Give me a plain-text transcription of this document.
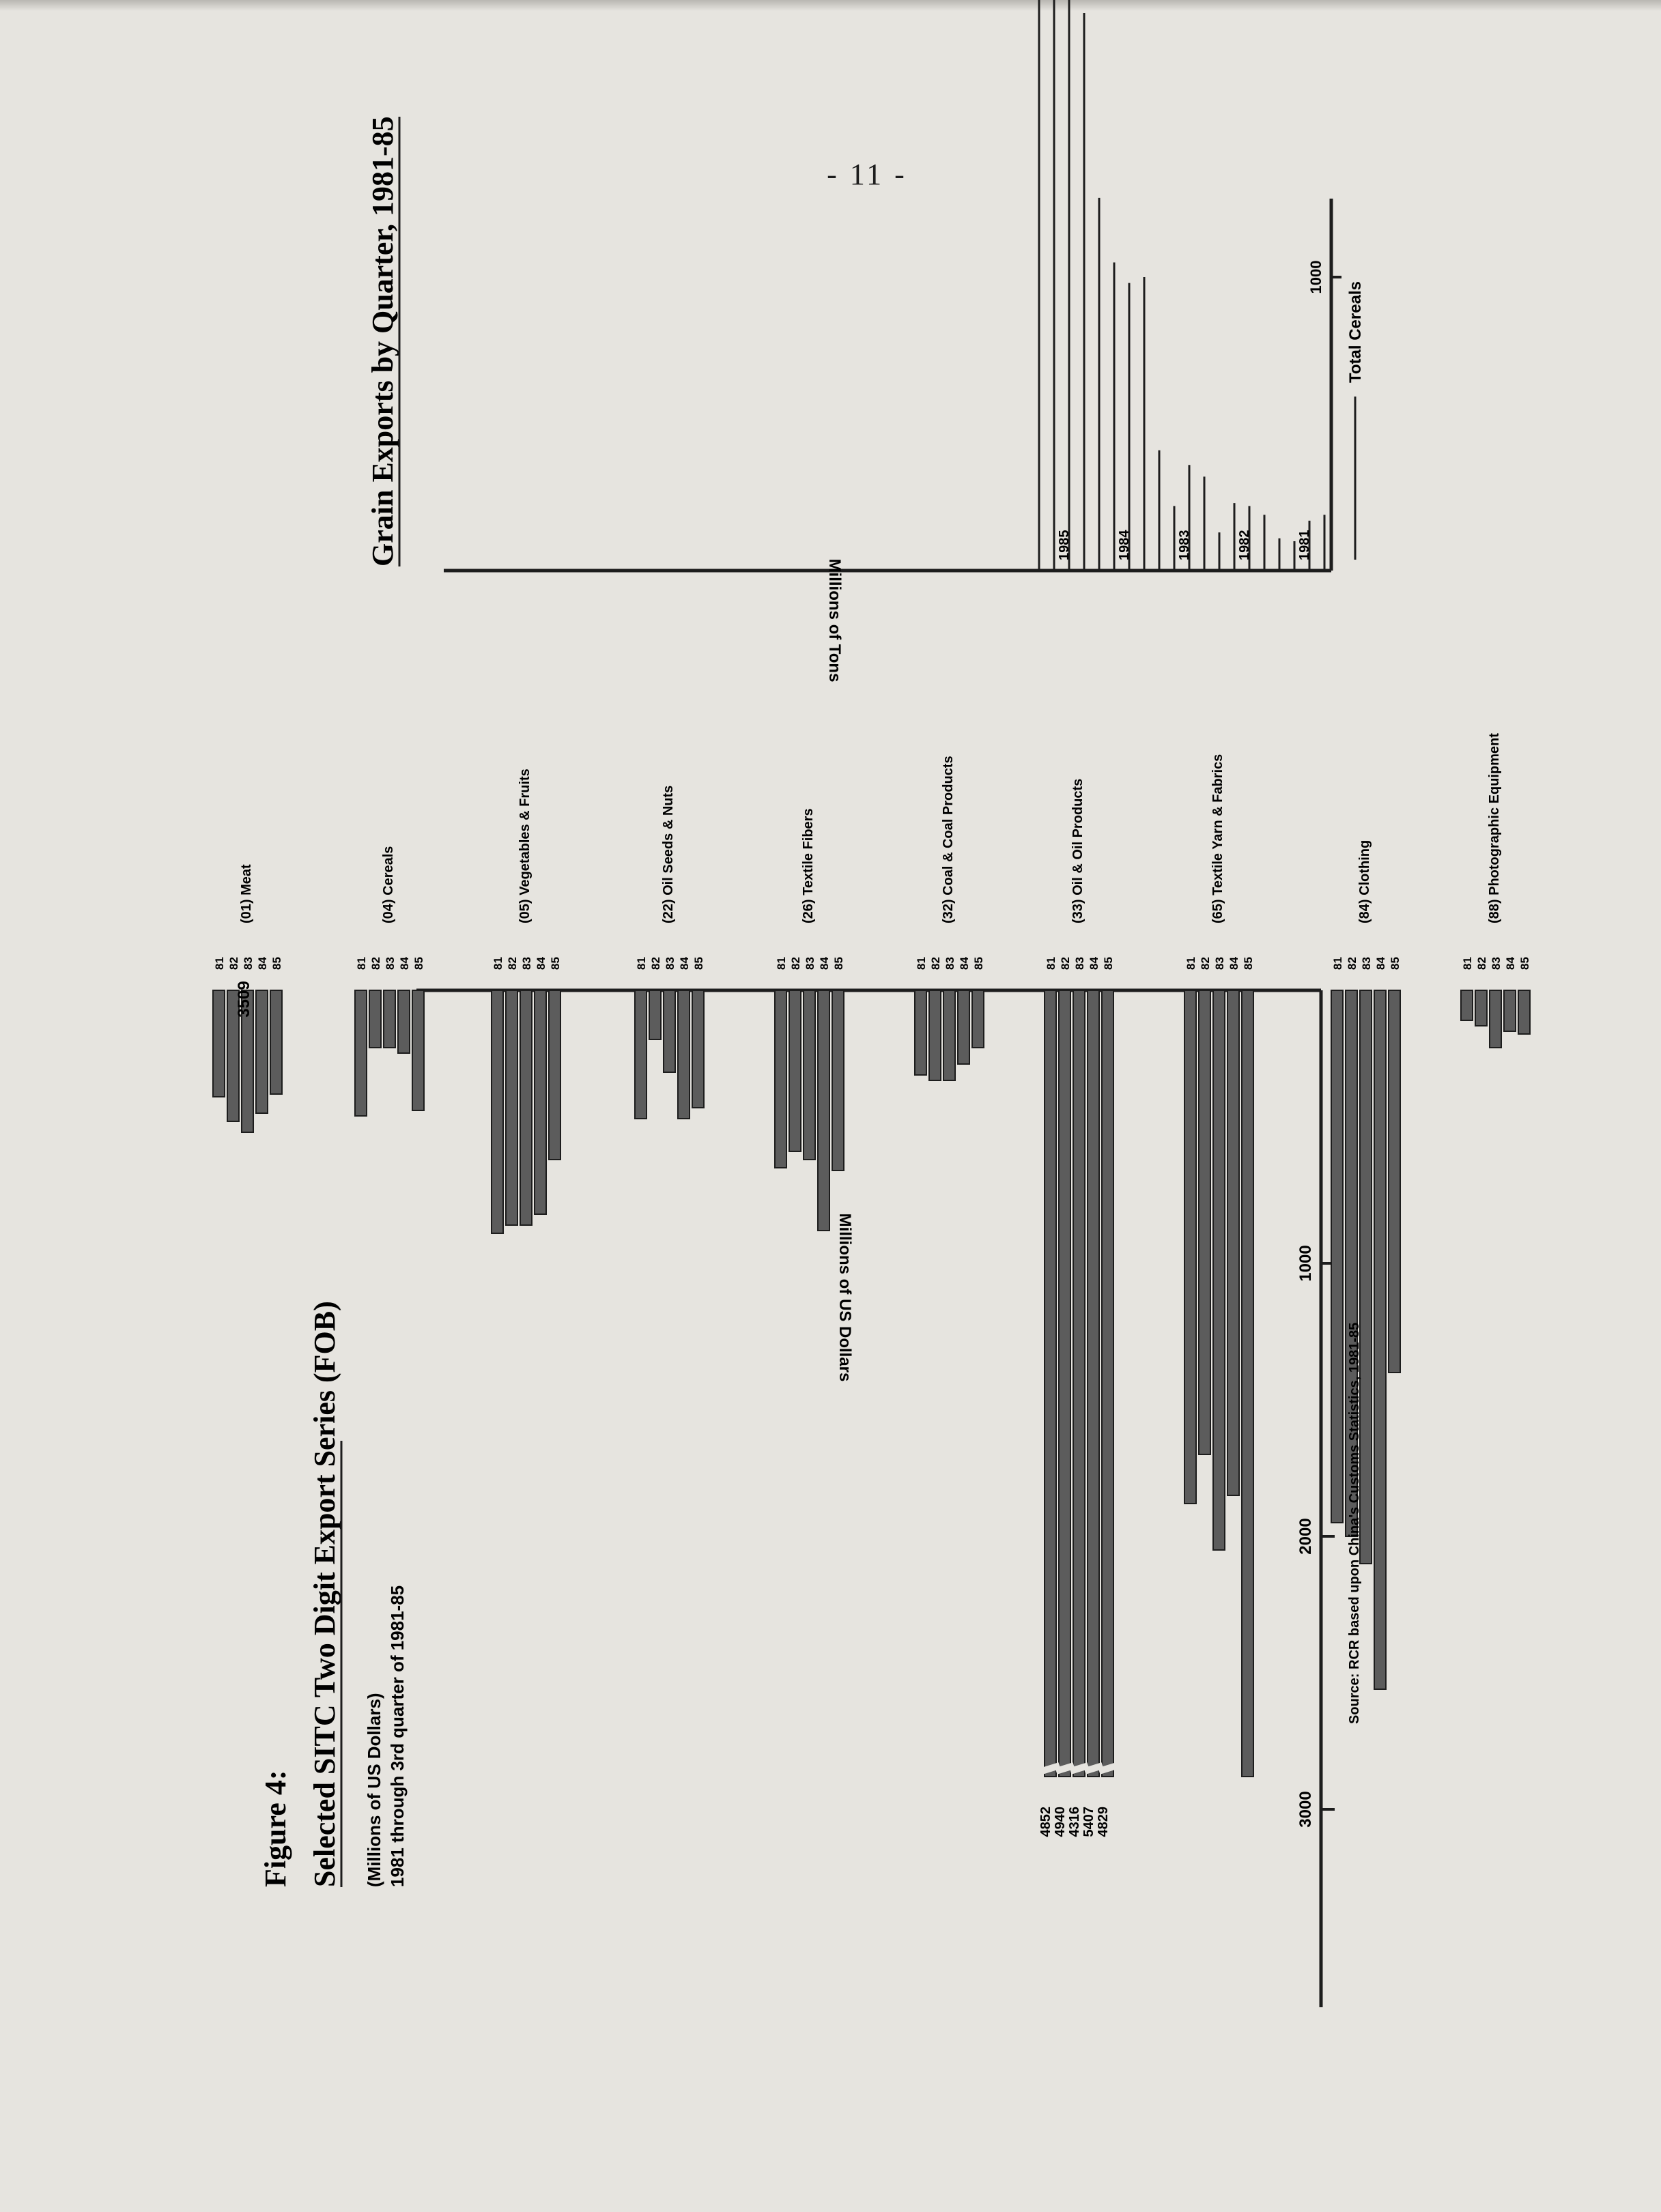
- 11 -
Figure 4: Selected SITC Two Digit Export Series (FOB) (Millions of US Dollars) 1981 through 3rd quarter of 1981-85
1000
2000
3000
Millions of US Dollars
81 82 83 84 85	81 82 83 84 85	81 82 83 84 85	81 82 83 84 85	81 82 83 84 85	81 82 83 84 85	81 82 83 84 85	81 82 83 84 85	81 82 83 84 85	81 82 83 84 85
(01) Meat	(04) Cereals	(05) Vegetables & Fruits	(22) Oil Seeds & Nuts	(26) Textile Fibers	(32) Coal & Coal Products	(33) Oil & Oil Products	(65) Textile Yarn & Fabrics	(84) Clothing	(88) Photographic Equipment
4852 4940 4316 5407 4829
3509
Source: RCR based upon China's Customs Statistics, 1981-85
Grain Exports by Quarter, 1981-85	1000
Millions of Tons
1981
1982
1983
1984
1985
Total Cereals
